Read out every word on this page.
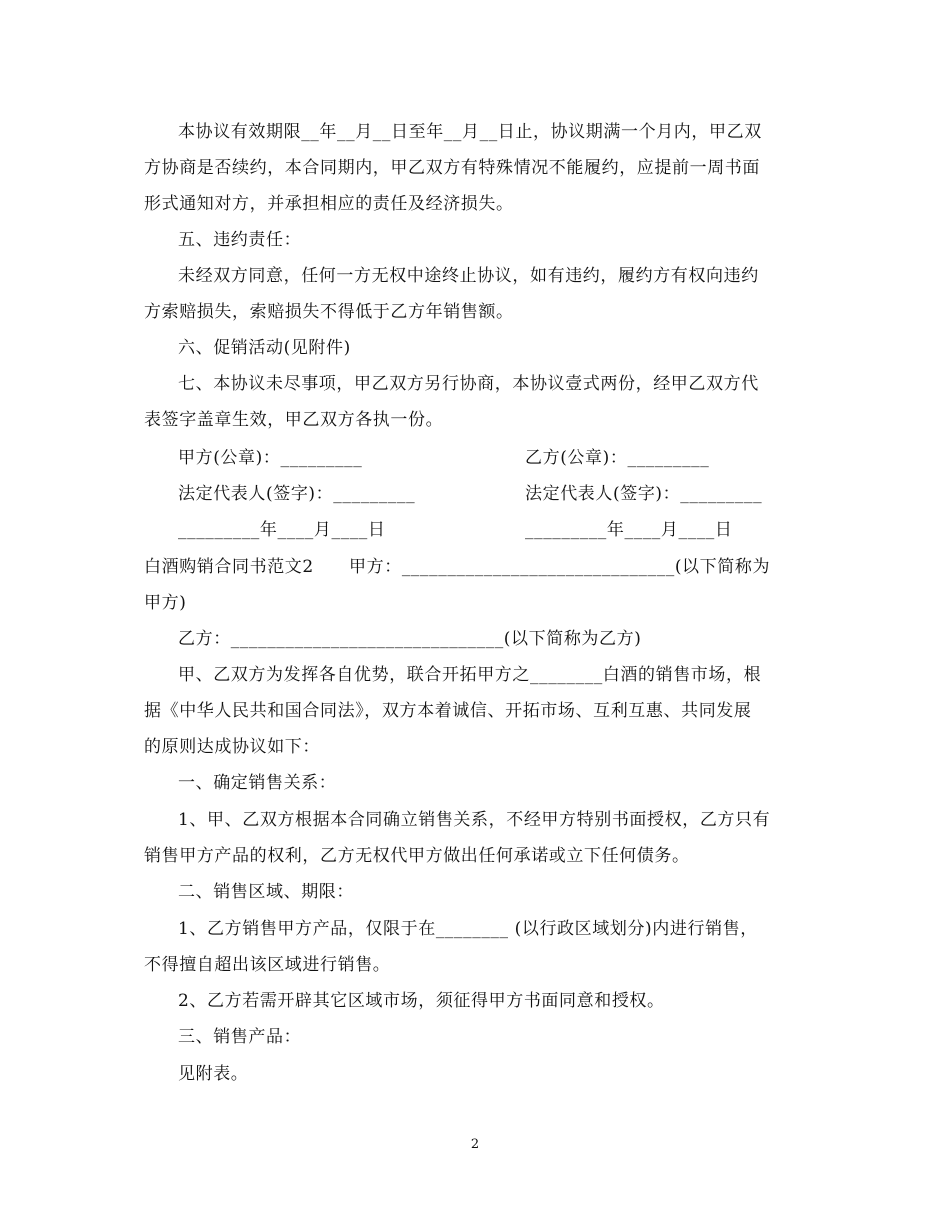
本协议有效期限__年__月__日至年__月__日止，协议期满一个月内，甲乙双
方协商是否续约，本合同期内，甲乙双方有特殊情况不能履约，应提前一周书面
形式通知对方，并承担相应的责任及经济损失。
五、违约责任：
未经双方同意，任何一方无权中途终止协议，如有违约，履约方有权向违约
方索赔损失，索赔损失不得低于乙方年销售额。
六、促销活动(见附件)
七、本协议未尽事项，甲乙双方另行协商，本协议壹式两份，经甲乙双方代
表签字盖章生效，甲乙双方各执一份。
甲方(公章)：_________	乙方(公章)：_________
法定代表人(签字)：_________	法定代表人(签字)：_________
_________年____月____日	_________年____月____日
白酒购销合同书范文2　　甲方：______________________________(以下简称为
甲方)
乙方：______________________________(以下简称为乙方)
甲、乙双方为发挥各自优势，联合开拓甲方之________白酒的销售市场，根
据《中华人民共和国合同法》，双方本着诚信、开拓市场、互利互惠、共同发展
的原则达成协议如下：
一、确定销售关系：
1、甲、乙双方根据本合同确立销售关系，不经甲方特别书面授权，乙方只有
销售甲方产品的权利，乙方无权代甲方做出任何承诺或立下任何债务。
二、销售区域、期限：
1、乙方销售甲方产品，仅限于在________ (以行政区域划分)内进行销售，
不得擅自超出该区域进行销售。
2、乙方若需开辟其它区域市场，须征得甲方书面同意和授权。
三、销售产品：
见附表。
2
